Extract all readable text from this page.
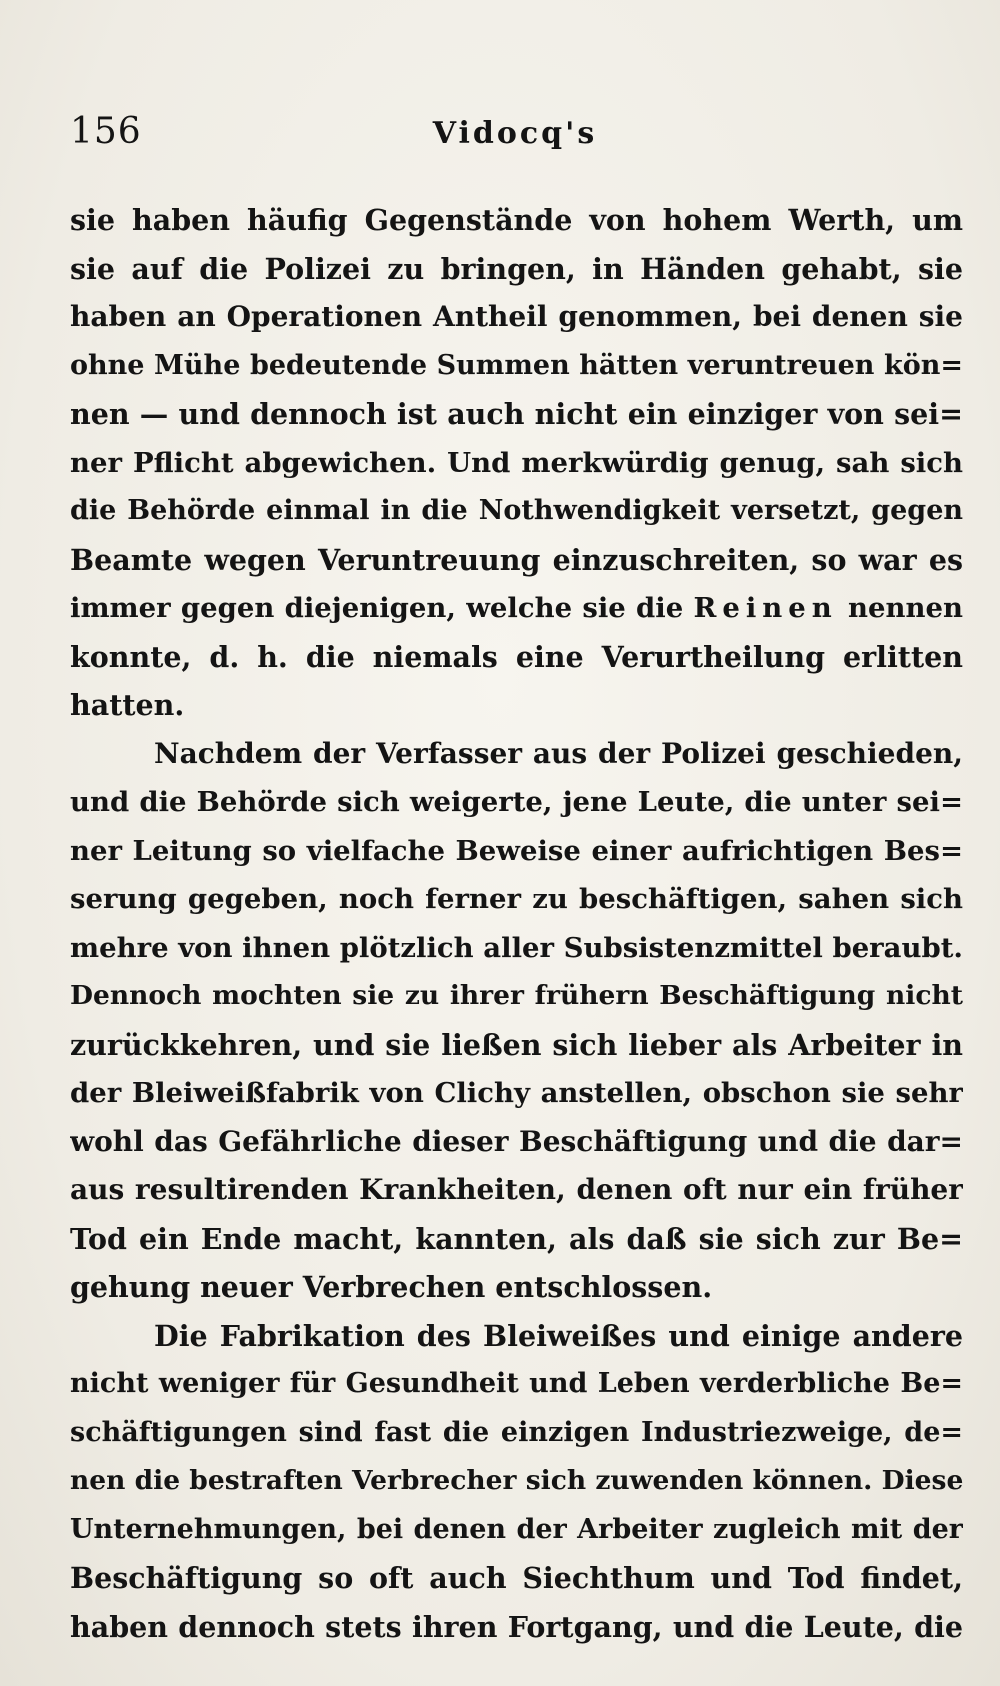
156	Vidocq's
sie haben häufig Gegenstände von hohem Werth, um
sie auf die Polizei zu bringen, in Händen gehabt, sie
haben an Operationen Antheil genommen, bei denen sie
ohne Mühe bedeutende Summen hätten veruntreuen kön=
nen — und dennoch ist auch nicht ein einziger von sei=
ner Pflicht abgewichen. Und merkwürdig genug, sah sich
die Behörde einmal in die Nothwendigkeit versetzt, gegen
Beamte wegen Veruntreuung einzuschreiten, so war es
immer gegen diejenigen, welche sie die Reinen nennen
konnte, d. h. die niemals eine Verurtheilung erlitten
hatten.
Nachdem der Verfasser aus der Polizei geschieden,
und die Behörde sich weigerte, jene Leute, die unter sei=
ner Leitung so vielfache Beweise einer aufrichtigen Bes=
serung gegeben, noch ferner zu beschäftigen, sahen sich
mehre von ihnen plötzlich aller Subsistenzmittel beraubt.
Dennoch mochten sie zu ihrer frühern Beschäftigung nicht
zurückkehren, und sie ließen sich lieber als Arbeiter in
der Bleiweißfabrik von Clichy anstellen, obschon sie sehr
wohl das Gefährliche dieser Beschäftigung und die dar=
aus resultirenden Krankheiten, denen oft nur ein früher
Tod ein Ende macht, kannten, als daß sie sich zur Be=
gehung neuer Verbrechen entschlossen.
Die Fabrikation des Bleiweißes und einige andere
nicht weniger für Gesundheit und Leben verderbliche Be=
schäftigungen sind fast die einzigen Industriezweige, de=
nen die bestraften Verbrecher sich zuwenden können. Diese
Unternehmungen, bei denen der Arbeiter zugleich mit der
Beschäftigung so oft auch Siechthum und Tod findet,
haben dennoch stets ihren Fortgang, und die Leute, die
